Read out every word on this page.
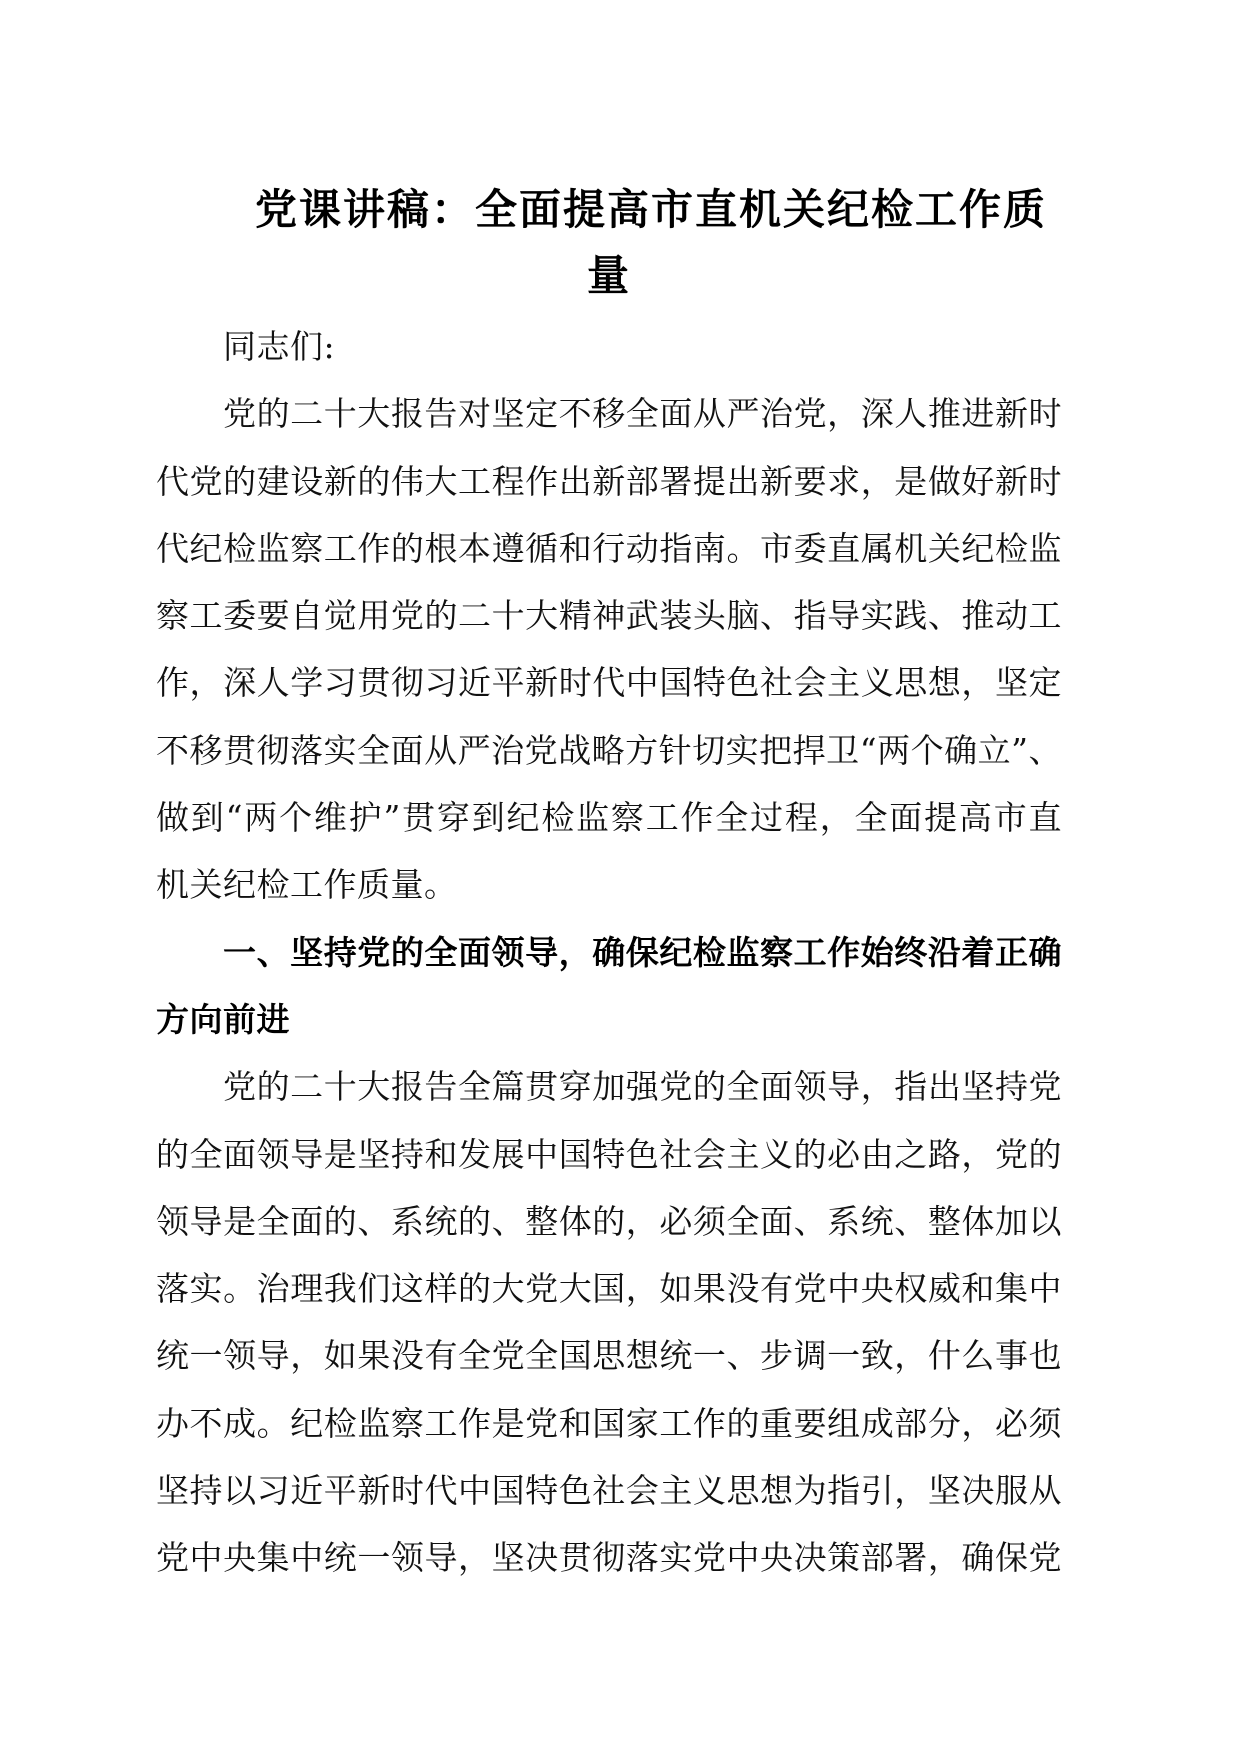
党课讲稿：全面提高市直机关纪检工作质量
同志们:
党的二十大报告对坚定不移全面从严治党，深人推进新时
代党的建设新的伟大工程作出新部署提出新要求，是做好新时
代纪检监察工作的根本遵循和行动指南。市委直属机关纪检监
察工委要自觉用党的二十大精神武装头脑、指导实践、推动工
作，深人学习贯彻习近平新时代中国特色社会主义思想，坚定
不移贯彻落实全面从严治党战略方针切实把捍卫“两个确立”、
做到“两个维护”贯穿到纪检监察工作全过程，全面提高市直
机关纪检工作质量。
一、坚持党的全面领导，确保纪检监察工作始终沿着正确
方向前进
党的二十大报告全篇贯穿加强党的全面领导，指出坚持党
的全面领导是坚持和发展中国特色社会主义的必由之路，党的
领导是全面的、系统的、整体的，必须全面、系统、整体加以
落实。治理我们这样的大党大国，如果没有党中央权威和集中
统一领导，如果没有全党全国思想统一、步调一致，什么事也
办不成。纪检监察工作是党和国家工作的重要组成部分，必须
坚持以习近平新时代中国特色社会主义思想为指引，坚决服从
党中央集中统一领导，坚决贯彻落实党中央决策部署，确保党
